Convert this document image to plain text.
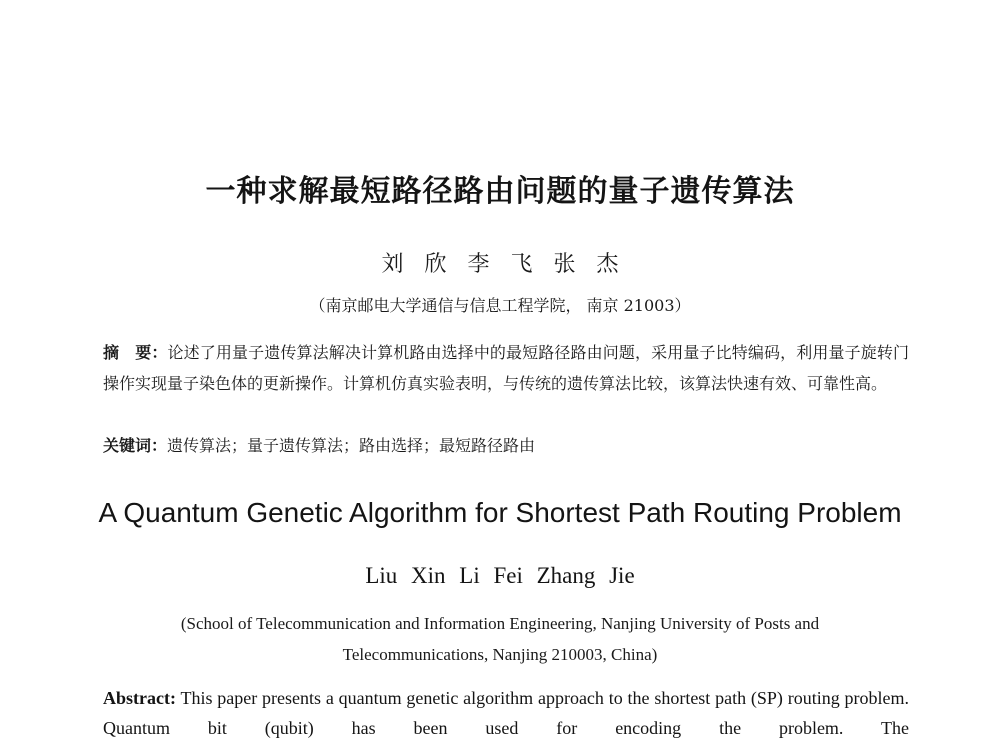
一种求解最短路径路由问题的量子遗传算法
刘 欣 李 飞 张 杰
（南京邮电大学通信与信息工程学院， 南京 21003）
摘　要：论述了用量子遗传算法解决计算机路由选择中的最短路径路由问题，采用量子比特编码，利用量子旋转门操作实现量子染色体的更新操作。计算机仿真实验表明，与传统的遗传算法比较，该算法快速有效、可靠性高。
关键词：遗传算法；量子遗传算法；路由选择；最短路径路由
A Quantum Genetic Algorithm for Shortest Path Routing Problem
Liu Xin Li Fei Zhang Jie
(School of Telecommunication and Information Engineering, Nanjing University of Posts and Telecommunications, Nanjing 210003, China)
Abstract: This paper presents a quantum genetic algorithm approach to the shortest path (SP) routing problem. Quantum bit (qubit) has been used for encoding the problem. The
